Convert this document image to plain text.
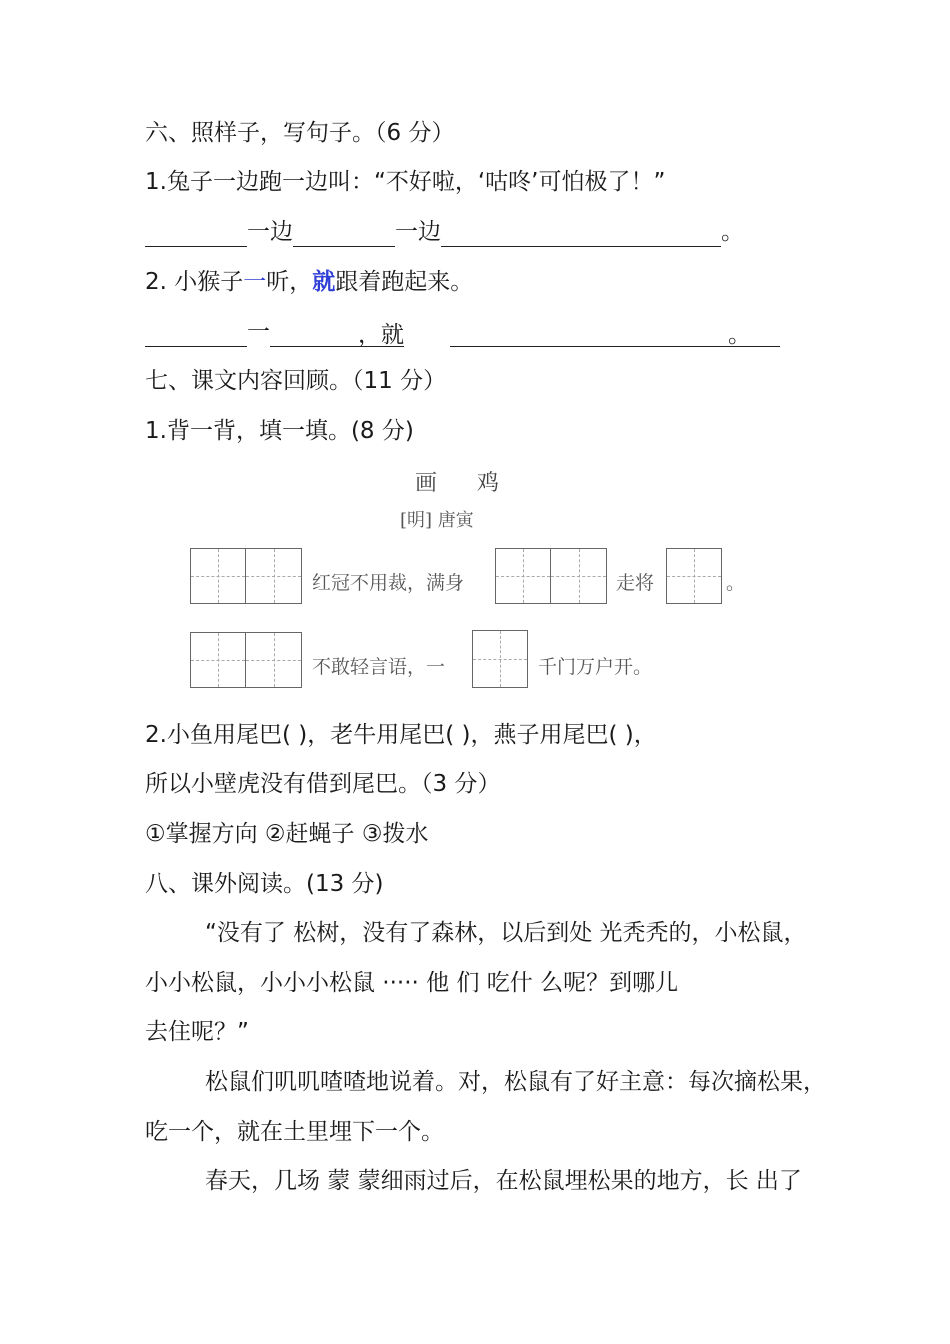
六、照样子，写句子。（6 分）
1.兔子一边跑一边叫：“不好啦，‘咕咚’可怕极了！”
一边	一边	。
2. 小猴子一听，就跟着跑起来。
一	，就	。
七、课文内容回顾。（11 分）
1.背一背，填一填。(8 分)
画鸡
[明] 唐寅
红冠不用裁，满身	走将	。
不敢轻言语，一	千门万户开。
2.小鱼用尾巴( )，老牛用尾巴( )，燕子用尾巴( )，
所以小壁虎没有借到尾巴。（3 分）
①掌握方向 ②赶蝇子 ③拨水
八、课外阅读。(13 分)
“没有了 松树，没有了森林，以后到处 光秃秃的，小松鼠，
小小松鼠，小小小松鼠 ····· 他 们 吃什 么呢？到哪儿
去住呢？”
松鼠们叽叽喳喳地说着。对，松鼠有了好主意：每次摘松果，
吃一个，就在土里埋下一个。
春天，几场 蒙 蒙细雨过后，在松鼠埋松果的地方，长 出了
